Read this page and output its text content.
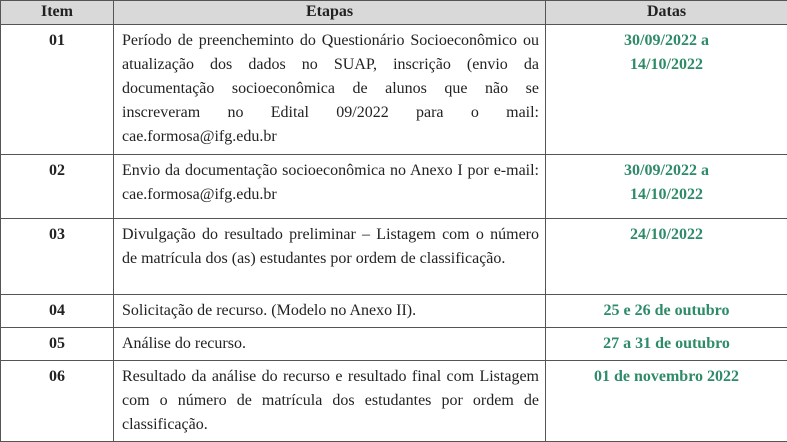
Item	Etapas	Datas
01	Período de preenchemintо do Questionário Socioeconômico ou atualização dos dados no SUAP, inscrição (envio da documentação socioeconômica de alunos que não se inscreveram no Edital 09/2022 para o mail: cae.formosa@ifg.edu.br	30/09/2022 a
14/10/2022

02	Envio da documentação socioeconômica no Anexo I por e-mail: cae.formosa@ifg.edu.br	30/09/2022 a
14/10/2022

03	Divulgação do resultado preliminar – Listagem com o número de matrícula dos (as) estudantes por ordem de classificação.	24/10/2022

04	Solicitação de recurso. (Modelo no Anexo II).	25 e 26 de outubro

05	Análise do recurso.	27 a 31 de outubro

06	Resultado da análise do recurso e resultado final com Listagem com o número de matrícula dos estudantes por ordem de classificação.	01 de novembro 2022
